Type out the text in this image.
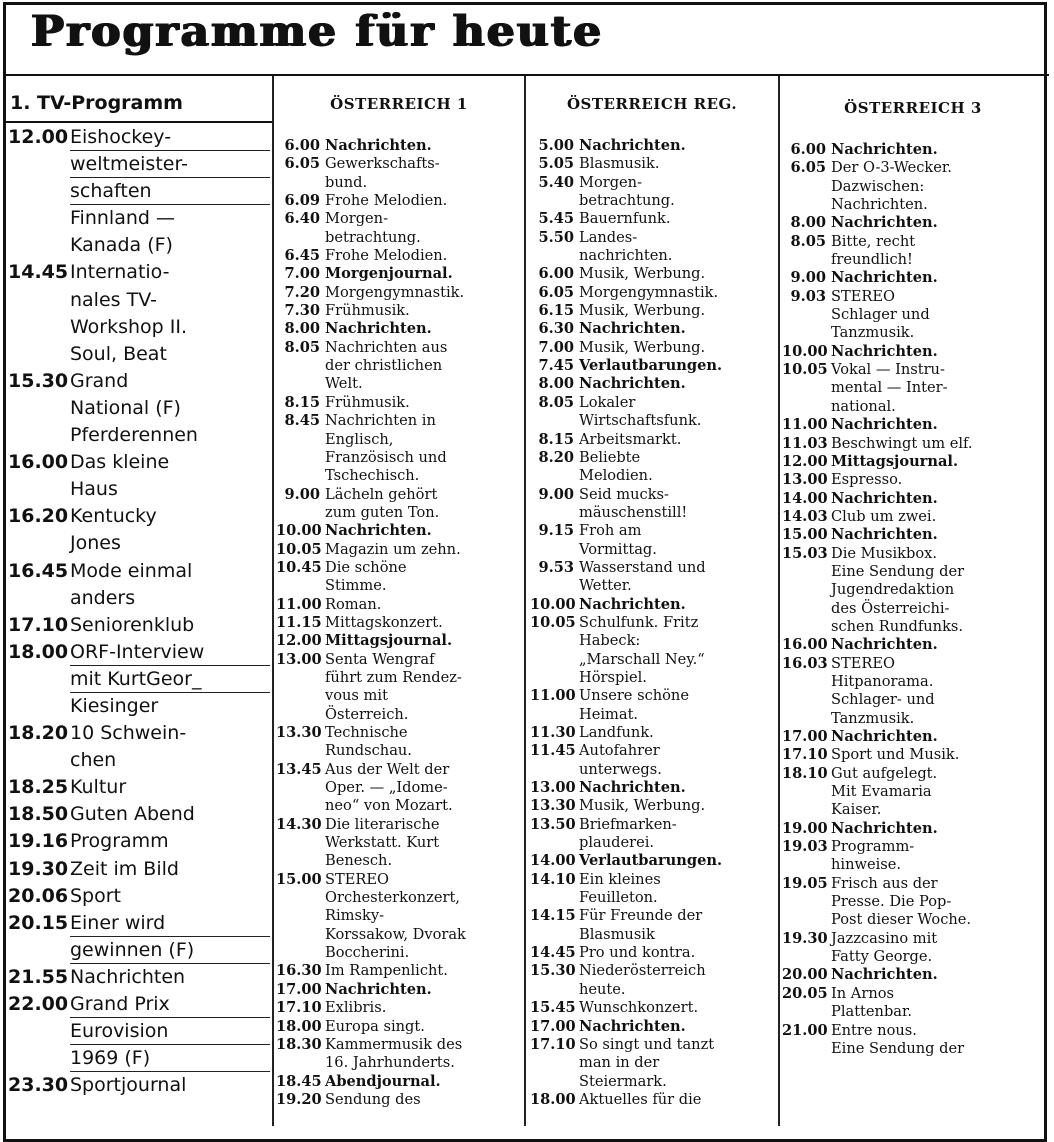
Programme für heute
1. TV-Programm
12.00 Eishockey-
weltmeister-
schaften
Finnland —
Kanada (F)
14.45 Internatio-
nales TV-
Workshop II.
Soul, Beat
15.30 Grand
National (F)
Pferderennen
16.00 Das kleine
Haus
16.20 Kentucky
Jones
16.45 Mode einmal
anders
17.10 Seniorenklub
18.00 ORF-Interview
mit KurtGeor_
Kiesinger
18.20 10 Schwein-
chen
18.25 Kultur
18.50 Guten Abend
19.16 Programm
19.30 Zeit im Bild
20.06 Sport
20.15 Einer wird
gewinnen (F)
21.55 Nachrichten
22.00 Grand Prix
Eurovision
1969 (F)
23.30 Sportjournal
ÖSTERREICH 1	ÖSTERREICH REG.	ÖSTERREICH 3
6.00 Nachrichten.
6.05 Gewerkschafts-
bund.
6.09 Frohe Melodien.
6.40 Morgen-
betrachtung.
6.45 Frohe Melodien.
7.00 Morgenjournal.
7.20 Morgengymnastik.
7.30 Frühmusik.
8.00 Nachrichten.
8.05 Nachrichten aus
der christlichen
Welt.
8.15 Frühmusik.
8.45 Nachrichten in
Englisch,
Französisch und
Tschechisch.
9.00 Lächeln gehört
zum guten Ton.
10.00 Nachrichten.
10.05 Magazin um zehn.
10.45 Die schöne
Stimme.
11.00 Roman.
11.15 Mittagskonzert.
12.00 Mittagsjournal.
13.00 Senta Wengraf
führt zum Rendez-
vous mit
Österreich.
13.30 Technische
Rundschau.
13.45 Aus der Welt der
Oper. — „Idome-
neo“ von Mozart.
14.30 Die literarische
Werkstatt. Kurt
Benesch.
15.00 STEREO
Orchesterkonzert,
Rimsky-
Korssakow, Dvorak
Boccherini.
16.30 Im Rampenlicht.
17.00 Nachrichten.
17.10 Exlibris.
18.00 Europa singt.
18.30 Kammermusik des
16. Jahrhunderts.
18.45 Abendjournal.
19.20 Sendung des
5.00 Nachrichten.
5.05 Blasmusik.
5.40 Morgen-
betrachtung.
5.45 Bauernfunk.
5.50 Landes-
nachrichten.
6.00 Musik, Werbung.
6.05 Morgengymnastik.
6.15 Musik, Werbung.
6.30 Nachrichten.
7.00 Musik, Werbung.
7.45 Verlautbarungen.
8.00 Nachrichten.
8.05 Lokaler
Wirtschaftsfunk.
8.15 Arbeitsmarkt.
8.20 Beliebte
Melodien.
9.00 Seid mucks-
mäuschenstill!
9.15 Froh am
Vormittag.
9.53 Wasserstand und
Wetter.
10.00 Nachrichten.
10.05 Schulfunk. Fritz
Habeck:
„Marschall Ney.“
Hörspiel.
11.00 Unsere schöne
Heimat.
11.30 Landfunk.
11.45 Autofahrer
unterwegs.
13.00 Nachrichten.
13.30 Musik, Werbung.
13.50 Briefmarken-
plauderei.
14.00 Verlautbarungen.
14.10 Ein kleines
Feuilleton.
14.15 Für Freunde der
Blasmusik
14.45 Pro und kontra.
15.30 Niederösterreich
heute.
15.45 Wunschkonzert.
17.00 Nachrichten.
17.10 So singt und tanzt
man in der
Steiermark.
18.00 Aktuelles für die
6.00 Nachrichten.
6.05 Der O-3-Wecker.
Dazwischen:
Nachrichten.
8.00 Nachrichten.
8.05 Bitte, recht
freundlich!
9.00 Nachrichten.
9.03 STEREO
Schlager und
Tanzmusik.
10.00 Nachrichten.
10.05 Vokal — Instru-
mental — Inter-
national.
11.00 Nachrichten.
11.03 Beschwingt um elf.
12.00 Mittagsjournal.
13.00 Espresso.
14.00 Nachrichten.
14.03 Club um zwei.
15.00 Nachrichten.
15.03 Die Musikbox.
Eine Sendung der
Jugendredaktion
des Österreichi-
schen Rundfunks.
16.00 Nachrichten.
16.03 STEREO
Hitpanorama.
Schlager- und
Tanzmusik.
17.00 Nachrichten.
17.10 Sport und Musik.
18.10 Gut aufgelegt.
Mit Evamaria
Kaiser.
19.00 Nachrichten.
19.03 Programm-
hinweise.
19.05 Frisch aus der
Presse. Die Pop-
Post dieser Woche.
19.30 Jazzcasino mit
Fatty George.
20.00 Nachrichten.
20.05 In Arnos
Plattenbar.
21.00 Entre nous.
Eine Sendung der
